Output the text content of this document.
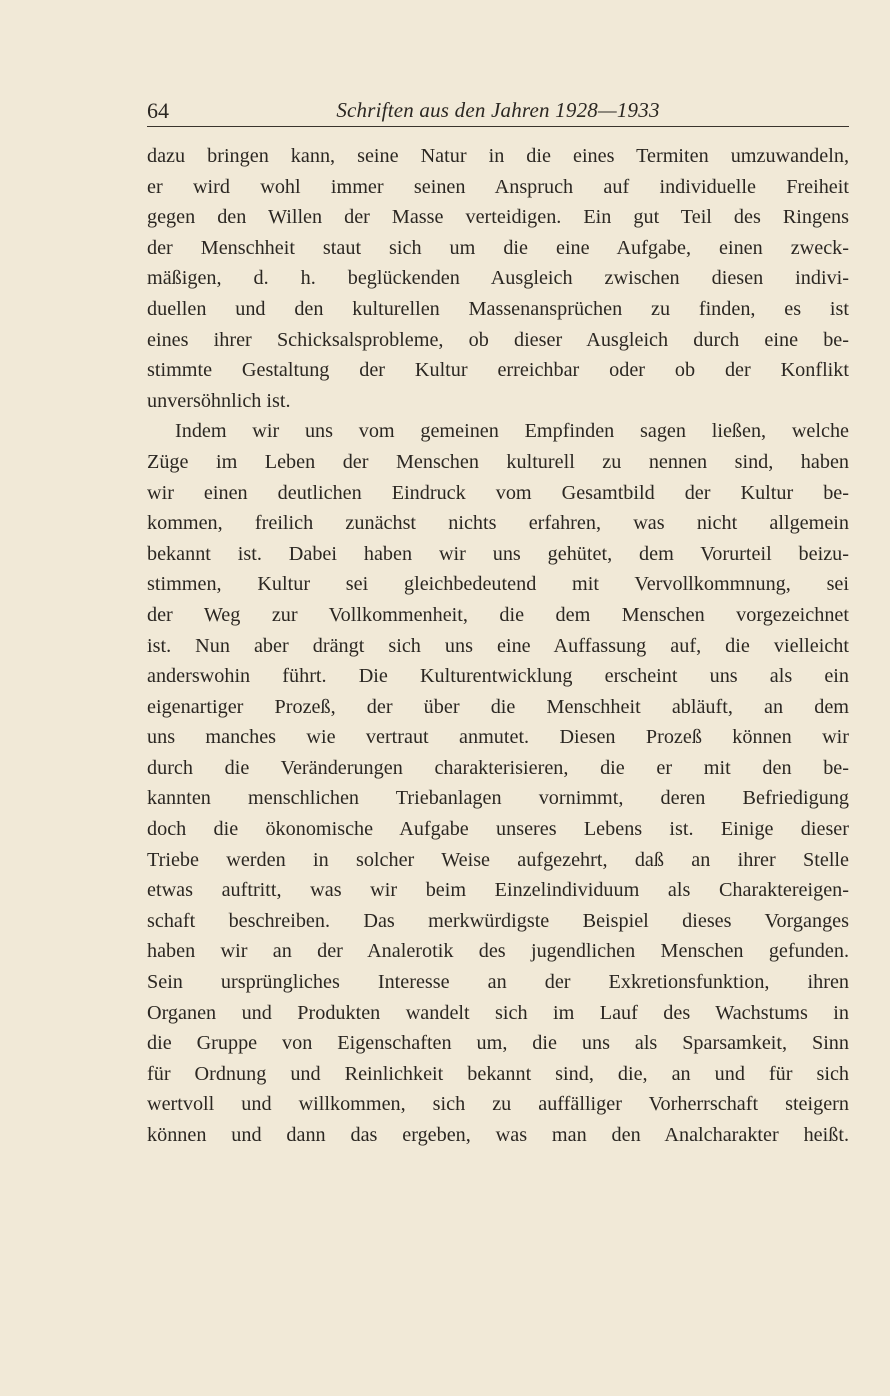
64	Schriften aus den Jahren 1928—1933
dazu bringen kann, seine Natur in die eines Termiten umzuwandeln,
er wird wohl immer seinen Anspruch auf individuelle Freiheit
gegen den Willen der Masse verteidigen. Ein gut Teil des Ringens
der Menschheit staut sich um die eine Aufgabe, einen zweck-
mäßigen, d. h. beglückenden Ausgleich zwischen diesen indivi-
duellen und den kulturellen Massenansprüchen zu finden, es ist
eines ihrer Schicksalsprobleme, ob dieser Ausgleich durch eine be-
stimmte Gestaltung der Kultur erreichbar oder ob der Konflikt
unversöhnlich ist.
Indem wir uns vom gemeinen Empfinden sagen ließen, welche
Züge im Leben der Menschen kulturell zu nennen sind, haben
wir einen deutlichen Eindruck vom Gesamtbild der Kultur be-
kommen, freilich zunächst nichts erfahren, was nicht allgemein
bekannt ist. Dabei haben wir uns gehütet, dem Vorurteil beizu-
stimmen, Kultur sei gleichbedeutend mit Vervollkommnung, sei
der Weg zur Vollkommenheit, die dem Menschen vorgezeichnet
ist. Nun aber drängt sich uns eine Auffassung auf, die vielleicht
anderswohin führt. Die Kulturentwicklung erscheint uns als ein
eigenartiger Prozeß, der über die Menschheit abläuft, an dem
uns manches wie vertraut anmutet. Diesen Prozeß können wir
durch die Veränderungen charakterisieren, die er mit den be-
kannten menschlichen Triebanlagen vornimmt, deren Befriedigung
doch die ökonomische Aufgabe unseres Lebens ist. Einige dieser
Triebe werden in solcher Weise aufgezehrt, daß an ihrer Stelle
etwas auftritt, was wir beim Einzelindividuum als Charaktereigen-
schaft beschreiben. Das merkwürdigste Beispiel dieses Vorganges
haben wir an der Analerotik des jugendlichen Menschen gefunden.
Sein ursprüngliches Interesse an der Exkretionsfunktion, ihren
Organen und Produkten wandelt sich im Lauf des Wachstums in
die Gruppe von Eigenschaften um, die uns als Sparsamkeit, Sinn
für Ordnung und Reinlichkeit bekannt sind, die, an und für sich
wertvoll und willkommen, sich zu auffälliger Vorherrschaft steigern
können und dann das ergeben, was man den Analcharakter heißt.
